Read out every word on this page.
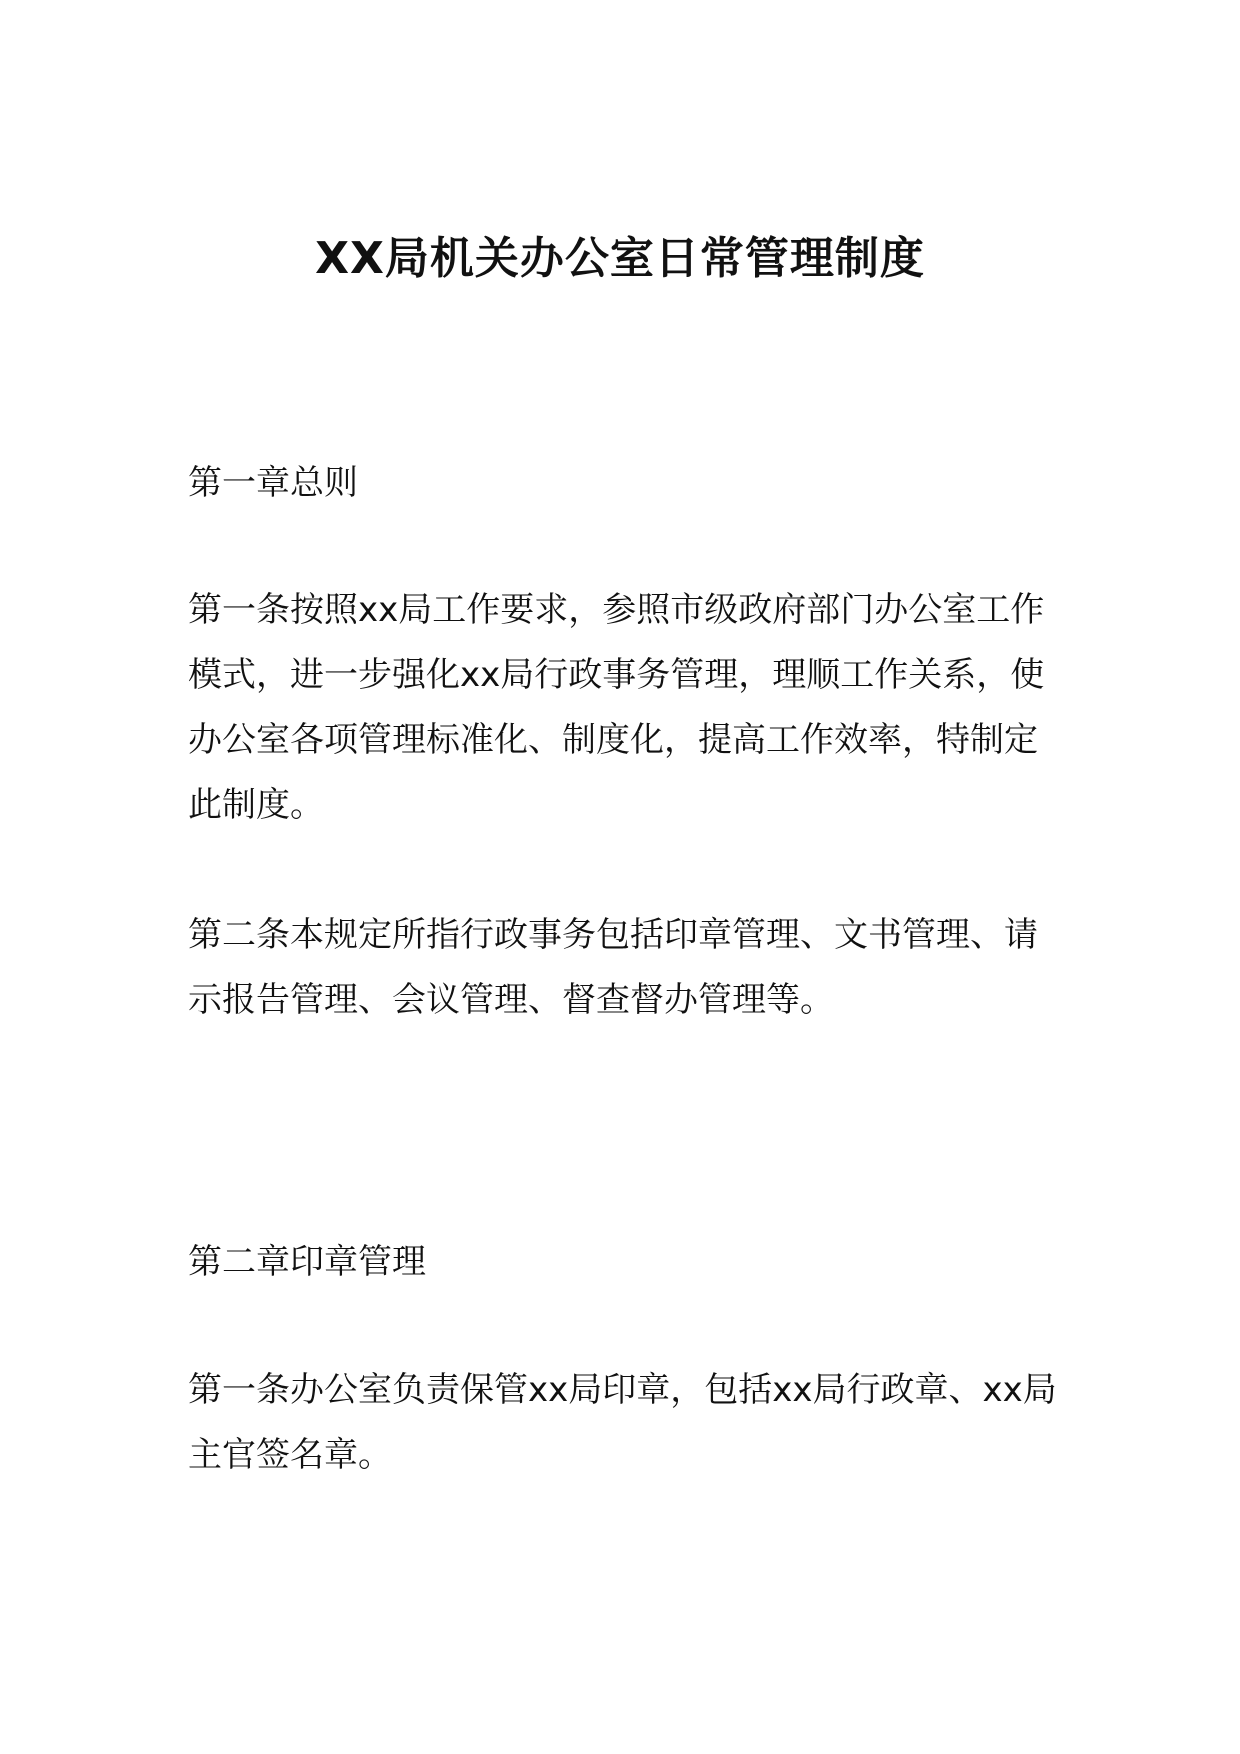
XX局机关办公室日常管理制度

第一章总则

第一条按照xx局工作要求，参照市级政府部门办公室工作模式，进一步强化xx局行政事务管理，理顺工作关系，使办公室各项管理标准化、制度化，提高工作效率，特制定此制度。

第二条本规定所指行政事务包括印章管理、文书管理、请示报告管理、会议管理、督查督办管理等。

第二章印章管理

第一条办公室负责保管xx局印章，包括xx局行政章、xx局主官签名章。
